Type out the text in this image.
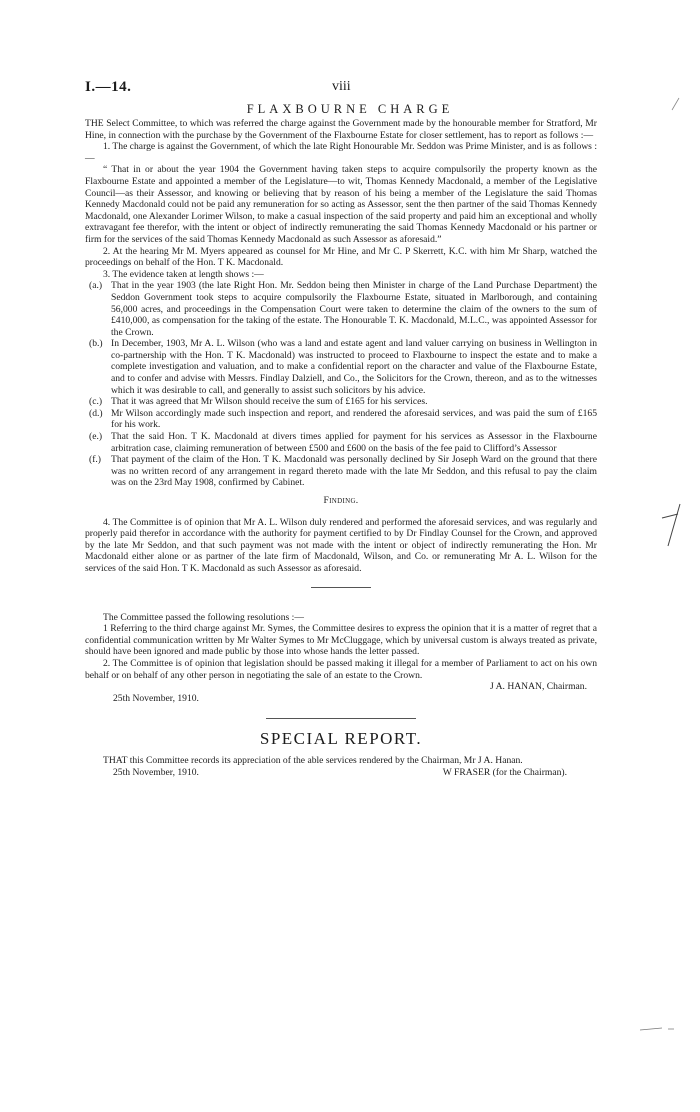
I.—14.	viii
FLAXBOURNE CHARGE

THE Select Committee, to which was referred the charge against the Government made by the honourable member for Stratford, Mr Hine, in connection with the purchase by the Government of the Flaxbourne Estate for closer settlement, has to report as follows :—

1. The charge is against the Government, of which the late Right Honourable Mr. Seddon was Prime Minister, and is as follows :—

“ That in or about the year 1904 the Government having taken steps to acquire compulsorily the property known as the Flaxbourne Estate and appointed a member of the Legislature—to wit, Thomas Kennedy Macdonald, a member of the Legislative Council—as their Assessor, and knowing or believing that by reason of his being a member of the Legislature the said Thomas Kennedy Macdonald could not be paid any remuneration for so acting as Assessor, sent the then partner of the said Thomas Kennedy Macdonald, one Alexander Lorimer Wilson, to make a casual inspection of the said property and paid him an exceptional and wholly extravagant fee therefor, with the intent or object of indirectly remunerating the said Thomas Kennedy Macdonald or his partner or firm for the services of the said Thomas Kennedy Macdonald as such Assessor as aforesaid.”

2. At the hearing Mr M. Myers appeared as counsel for Mr Hine, and Mr C. P Skerrett, K.C. with him Mr Sharp, watched the proceedings on behalf of the Hon. T K. Macdonald.

3. The evidence taken at length shows :—

(a.) That in the year 1903 (the late Right Hon. Mr. Seddon being then Minister in charge of the Land Purchase Department) the Seddon Government took steps to acquire compulsorily the Flaxbourne Estate, situated in Marlborough, and containing 56,000 acres, and proceedings in the Compensation Court were taken to determine the claim of the owners to the sum of £410,000, as compensation for the taking of the estate. The Honourable T. K. Macdonald, M.L.C., was appointed Assessor for the Crown.
(b.) In December, 1903, Mr A. L. Wilson (who was a land and estate agent and land valuer carrying on business in Wellington in co-partnership with the Hon. T K. Macdonald) was instructed to proceed to Flaxbourne to inspect the estate and to make a complete investigation and valuation, and to make a confidential report on the character and value of the Flaxbourne Estate, and to confer and advise with Messrs. Findlay Dalziell, and Co., the Solicitors for the Crown, thereon, and as to the witnesses which it was desirable to call, and generally to assist such solicitors by his advice.
(c.) That it was agreed that Mr Wilson should receive the sum of £165 for his services.
(d.) Mr Wilson accordingly made such inspection and report, and rendered the aforesaid services, and was paid the sum of £165 for his work.
(e.) That the said Hon. T K. Macdonald at divers times applied for payment for his services as Assessor in the Flaxbourne arbitration case, claiming remuneration of between £500 and £600 on the basis of the fee paid to Clifford’s Assessor
(f.)	That payment of the claim of the Hon. T K. Macdonald was personally declined by Sir Joseph Ward on the ground that there was no written record of any arrangement in regard thereto made with the late Mr Seddon, and this refusal to pay the claim was on the 23rd May 1908, confirmed by Cabinet.
Finding.

4. The Committee is of opinion that Mr A. L. Wilson duly rendered and performed the aforesaid services, and was regularly and properly paid therefor in accordance with the authority for payment certified to by Dr Findlay Counsel for the Crown, and approved by the late Mr Seddon, and that such payment was not made with the intent or object of indirectly remunerating the Hon. Mr Macdonald either alone or as partner of the late firm of Macdonald, Wilson, and Co. or remunerating Mr A. L. Wilson for the services of the said Hon. T K. Macdonald as such Assessor as aforesaid.

The Committee passed the following resolutions :—

1 Referring to the third charge against Mr. Symes, the Committee desires to express the opinion that it is a matter of regret that a confidential communication written by Mr Walter Symes to Mr McCluggage, which by universal custom is always treated as private, should have been ignored and made public by those into whose hands the letter passed.

2. The Committee is of opinion that legislation should be passed making it illegal for a member of Parliament to act on his own behalf or on behalf of any other person in negotiating the sale of an estate to the Crown.

J A. HANAN, Chairman.

25th November, 1910.

SPECIAL REPORT.

THAT this Committee records its appreciation of the able services rendered by the Chairman, Mr J A. Hanan.

25th November, 1910.	W FRASER (for the Chairman).
